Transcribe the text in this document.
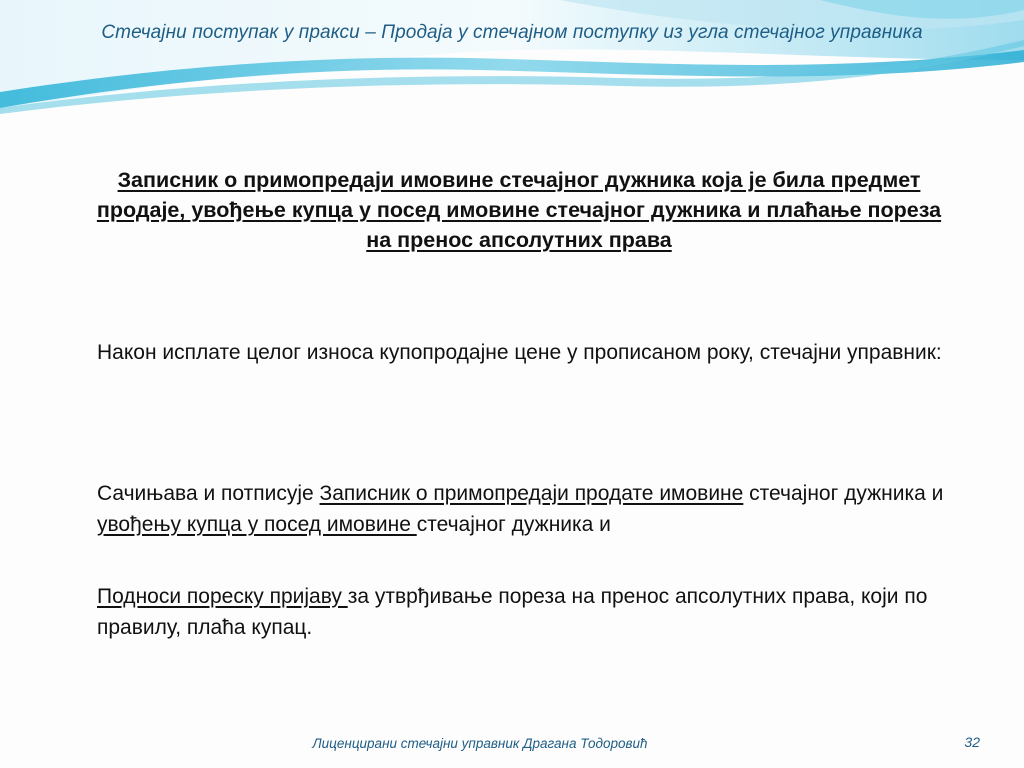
Стечајни поступак у пракси – Продаја у стечајном поступку из угла стечајног управника
Записник о примопредаји имовине стечајног дужника која је била предмет продаје, увођење купца у посед имовине стечајног дужника и плаћање пореза на пренос апсолутних права
Након исплате целог износа купопродајне цене у прописаном року, стечајни управник:
Сачињава и потписује Записник о примопредаји продате имовине стечајног дужника и увођењу купца у посед имовине стечајног дужника и
Подноси пореску пријаву за утврђивање пореза на пренос апсолутних права, који по правилу, плаћа купац.
Лиценцирани стечајни управник Драгана Тодоровић	32
